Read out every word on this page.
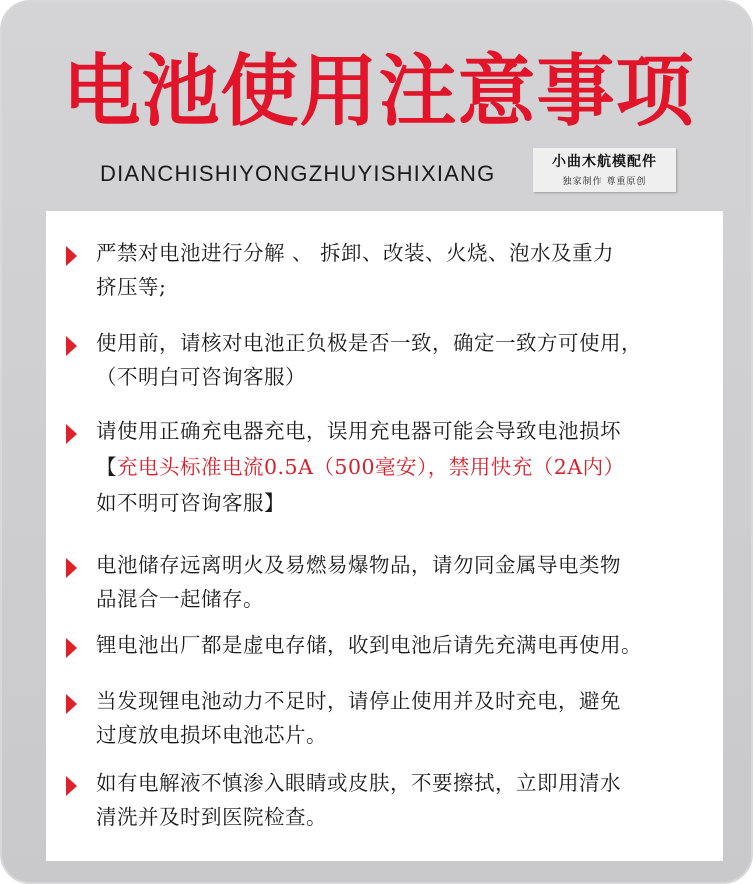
电池使用注意事项
DIANCHISHIYONGZHUYISHIXIANG	小曲木航模配件
独家制作 尊重原创
严禁对电池进行分解 、 拆卸、改装、火烧、泡水及重力
挤压等;
使用前，请核对电池正负极是否一致，确定一致方可使用，
（不明白可咨询客服）
请使用正确充电器充电，误用充电器可能会导致电池损坏
【充电头标准电流0.5A（500毫安），禁用快充（2A内）
如不明可咨询客服】
电池储存远离明火及易燃易爆物品，请勿同金属导电类物
品混合一起储存。
锂电池出厂都是虚电存储，收到电池后请先充满电再使用。
当发现锂电池动力不足时，请停止使用并及时充电，避免
过度放电损坏电池芯片。
如有电解液不慎渗入眼睛或皮肤，不要擦拭，立即用清水
清洗并及时到医院检查。
